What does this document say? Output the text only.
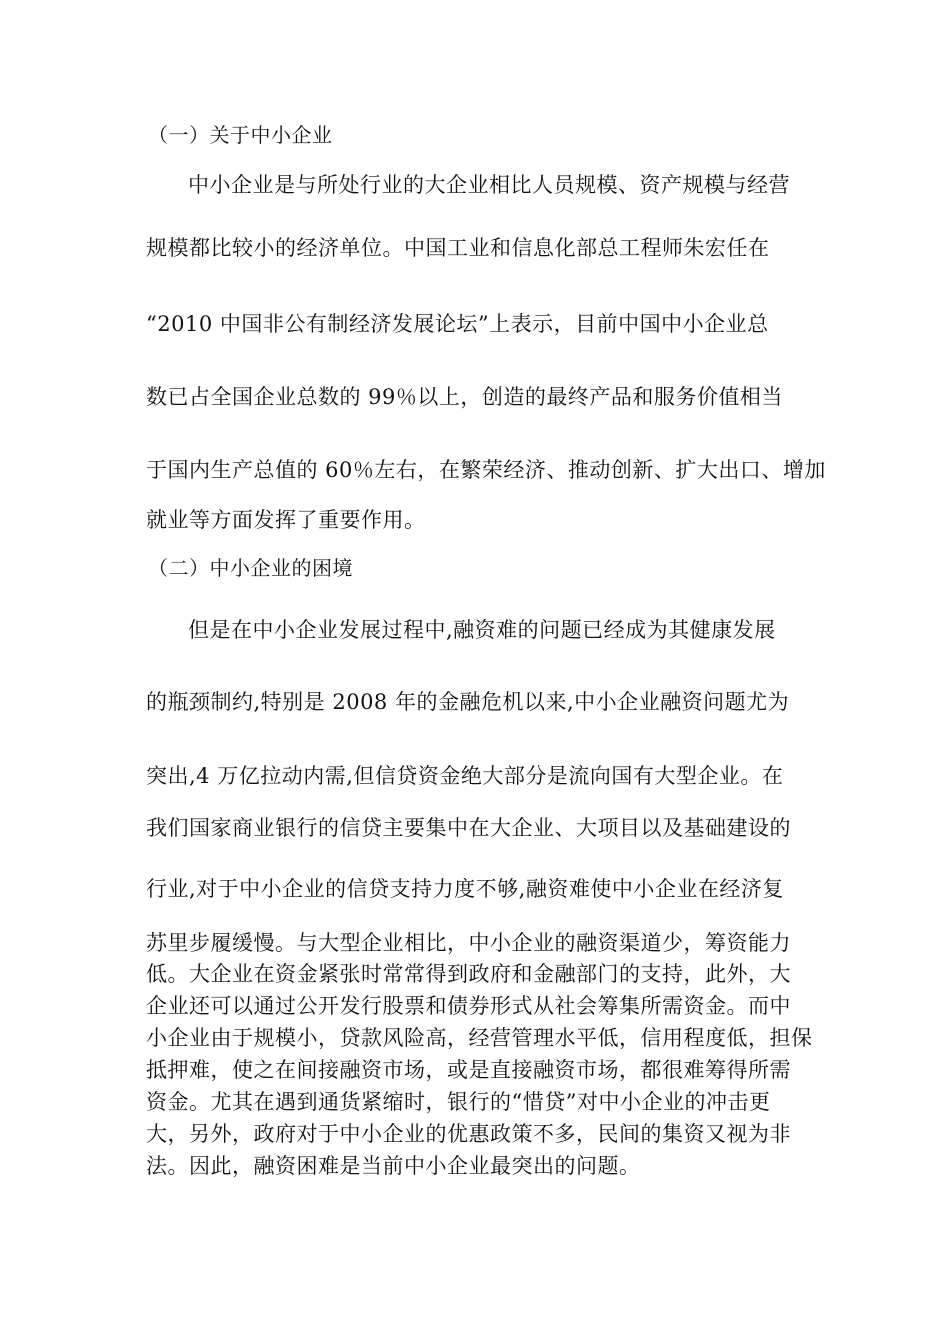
（一）关于中小企业
中小企业是与所处行业的大企业相比人员规模、资产规模与经营
规模都比较小的经济单位。中国工业和信息化部总工程师朱宏任在
“2010 中国非公有制经济发展论坛”上表示，目前中国中小企业总
数已占全国企业总数的 99％以上，创造的最终产品和服务价值相当
于国内生产总值的 60％左右，在繁荣经济、推动创新、扩大出口、增加
就业等方面发挥了重要作用。
（二）中小企业的困境
但是在中小企业发展过程中,融资难的问题已经成为其健康发展
的瓶颈制约,特别是 2008 年的金融危机以来,中小企业融资问题尤为
突出,4 万亿拉动内需,但信贷资金绝大部分是流向国有大型企业。在
我们国家商业银行的信贷主要集中在大企业、大项目以及基础建设的
行业,对于中小企业的信贷支持力度不够,融资难使中小企业在经济复
苏里步履缓慢。与大型企业相比，中小企业的融资渠道少，筹资能力
低。大企业在资金紧张时常常得到政府和金融部门的支持，此外，大
企业还可以通过公开发行股票和债券形式从社会筹集所需资金。而中
小企业由于规模小，贷款风险高，经营管理水平低，信用程度低，担保
抵押难，使之在间接融资市场，或是直接融资市场，都很难筹得所需
资金。尤其在遇到通货紧缩时，银行的“惜贷”对中小企业的冲击更
大，另外，政府对于中小企业的优惠政策不多，民间的集资又视为非
法。因此，融资困难是当前中小企业最突出的问题。
